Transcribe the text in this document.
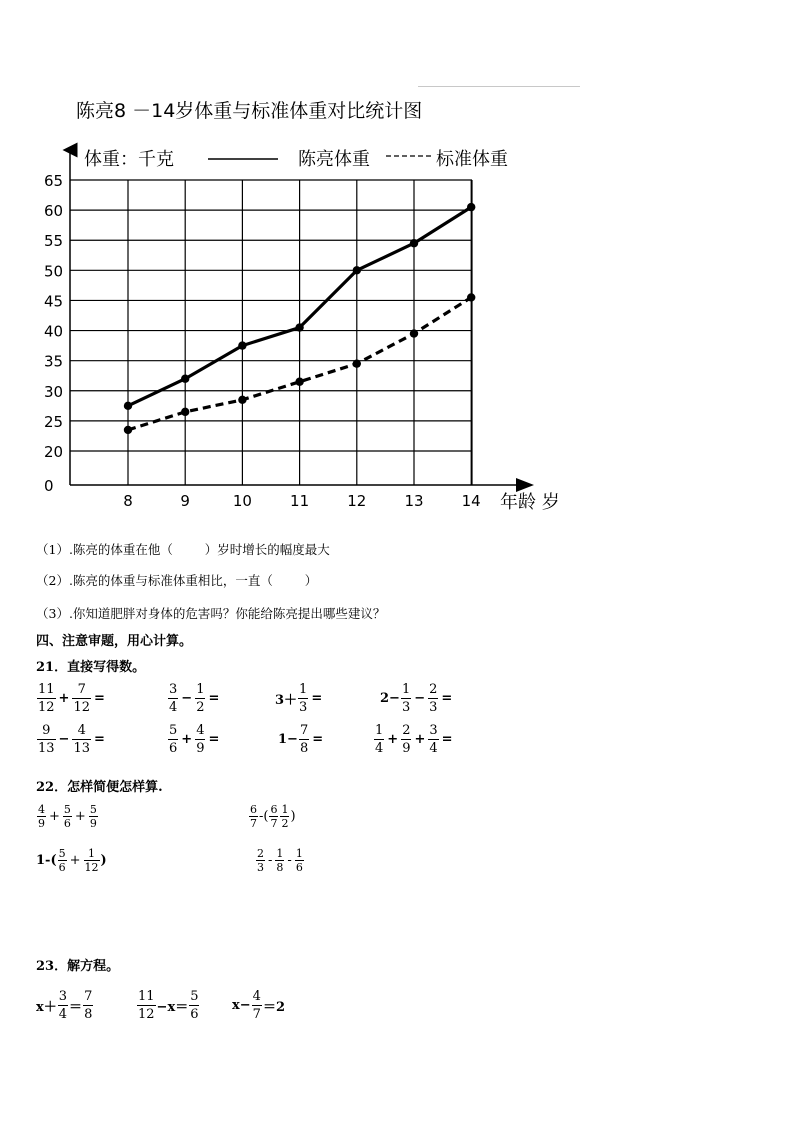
陈亮8 －14岁体重与标准体重对比统计图
年龄 岁
0
20
25
30
35
40
45
50
55
60
65
8	9	10	11	12	13	14
体重：千克	陈亮体重	标准体重
（1）.陈亮的体重在他（        ）岁时增长的幅度最大
（2）.陈亮的体重与标准体重相比，一直（        ）
（3）.你知道肥胖对身体的危害吗？你能给陈亮提出哪些建议？
四、注意审题，用心计算。
21．直接写得数。
$\frac{11}{12} + \frac{7}{12}$ =	$\frac{3}{4} - \frac{1}{2}$ =	$3+ \frac{1}{3}$ =	$2- \frac{1}{3} - \frac{2}{3}$ =
$\frac{9}{13} - \frac{4}{13}$ =	$\frac{5}{6} + \frac{4}{9}$ =	$1- \frac{7}{8}$ =	$\frac{1}{4} + \frac{2}{9} + \frac{3}{4}$ =
22．怎样简便怎样算.
$\frac{4}{9} + \frac{5}{6} + \frac{5}{9}$	$\frac{6}{7}$ -( $\frac{6}{7} \frac{1}{2}$ )
$1-( \frac{5}{6} + \frac{1}{12}$ )	$\frac{2}{3} - \frac{1}{8} - \frac{1}{6}$
23．解方程。
$x+ \frac{3}{4} = \frac{7}{8}$	$\frac{11}{12} -x= \frac{5}{6}$	$x- \frac{4}{7} =2$
